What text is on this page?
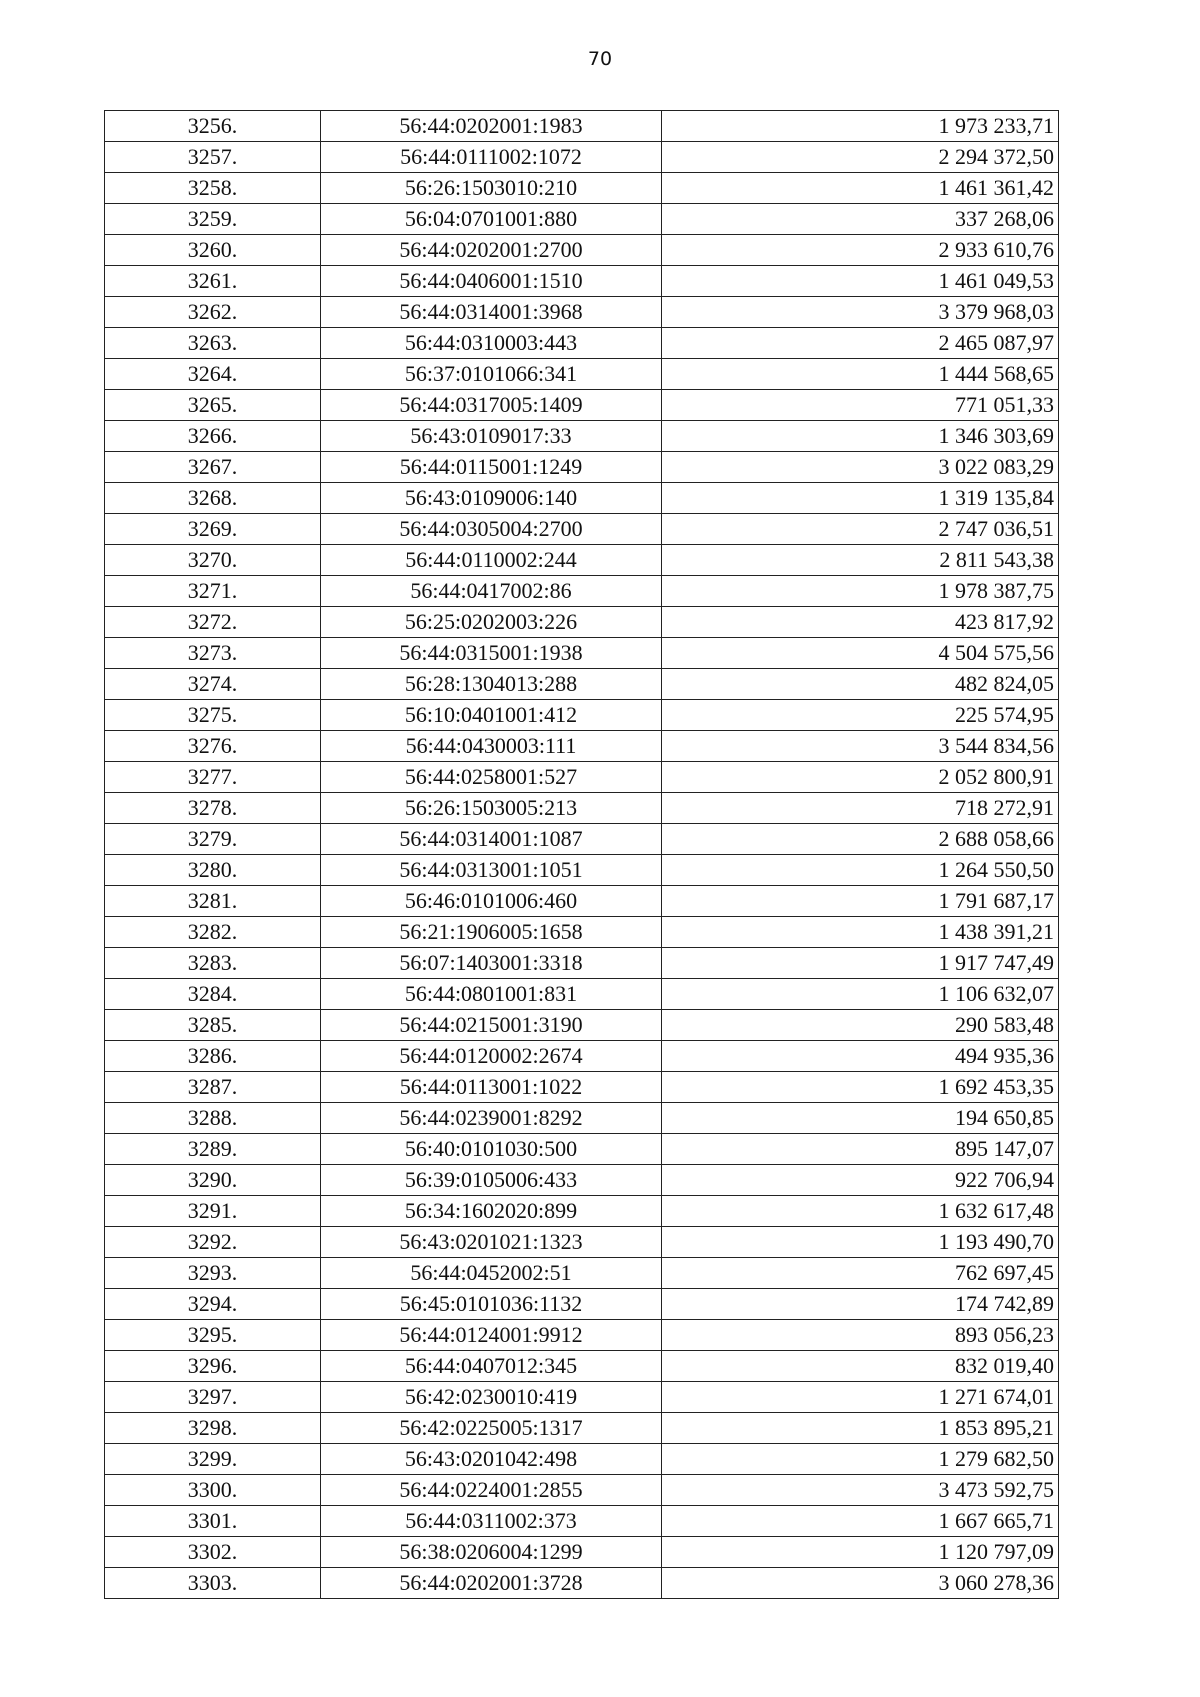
70
3256.	56:44:0202001:1983	1 973 233,71
3257.	56:44:0111002:1072	2 294 372,50
3258.	56:26:1503010:210	1 461 361,42
3259.	56:04:0701001:880	337 268,06
3260.	56:44:0202001:2700	2 933 610,76
3261.	56:44:0406001:1510	1 461 049,53
3262.	56:44:0314001:3968	3 379 968,03
3263.	56:44:0310003:443	2 465 087,97
3264.	56:37:0101066:341	1 444 568,65
3265.	56:44:0317005:1409	771 051,33
3266.	56:43:0109017:33	1 346 303,69
3267.	56:44:0115001:1249	3 022 083,29
3268.	56:43:0109006:140	1 319 135,84
3269.	56:44:0305004:2700	2 747 036,51
3270.	56:44:0110002:244	2 811 543,38
3271.	56:44:0417002:86	1 978 387,75
3272.	56:25:0202003:226	423 817,92
3273.	56:44:0315001:1938	4 504 575,56
3274.	56:28:1304013:288	482 824,05
3275.	56:10:0401001:412	225 574,95
3276.	56:44:0430003:111	3 544 834,56
3277.	56:44:0258001:527	2 052 800,91
3278.	56:26:1503005:213	718 272,91
3279.	56:44:0314001:1087	2 688 058,66
3280.	56:44:0313001:1051	1 264 550,50
3281.	56:46:0101006:460	1 791 687,17
3282.	56:21:1906005:1658	1 438 391,21
3283.	56:07:1403001:3318	1 917 747,49
3284.	56:44:0801001:831	1 106 632,07
3285.	56:44:0215001:3190	290 583,48
3286.	56:44:0120002:2674	494 935,36
3287.	56:44:0113001:1022	1 692 453,35
3288.	56:44:0239001:8292	194 650,85
3289.	56:40:0101030:500	895 147,07
3290.	56:39:0105006:433	922 706,94
3291.	56:34:1602020:899	1 632 617,48
3292.	56:43:0201021:1323	1 193 490,70
3293.	56:44:0452002:51	762 697,45
3294.	56:45:0101036:1132	174 742,89
3295.	56:44:0124001:9912	893 056,23
3296.	56:44:0407012:345	832 019,40
3297.	56:42:0230010:419	1 271 674,01
3298.	56:42:0225005:1317	1 853 895,21
3299.	56:43:0201042:498	1 279 682,50
3300.	56:44:0224001:2855	3 473 592,75
3301.	56:44:0311002:373	1 667 665,71
3302.	56:38:0206004:1299	1 120 797,09
3303.	56:44:0202001:3728	3 060 278,36
